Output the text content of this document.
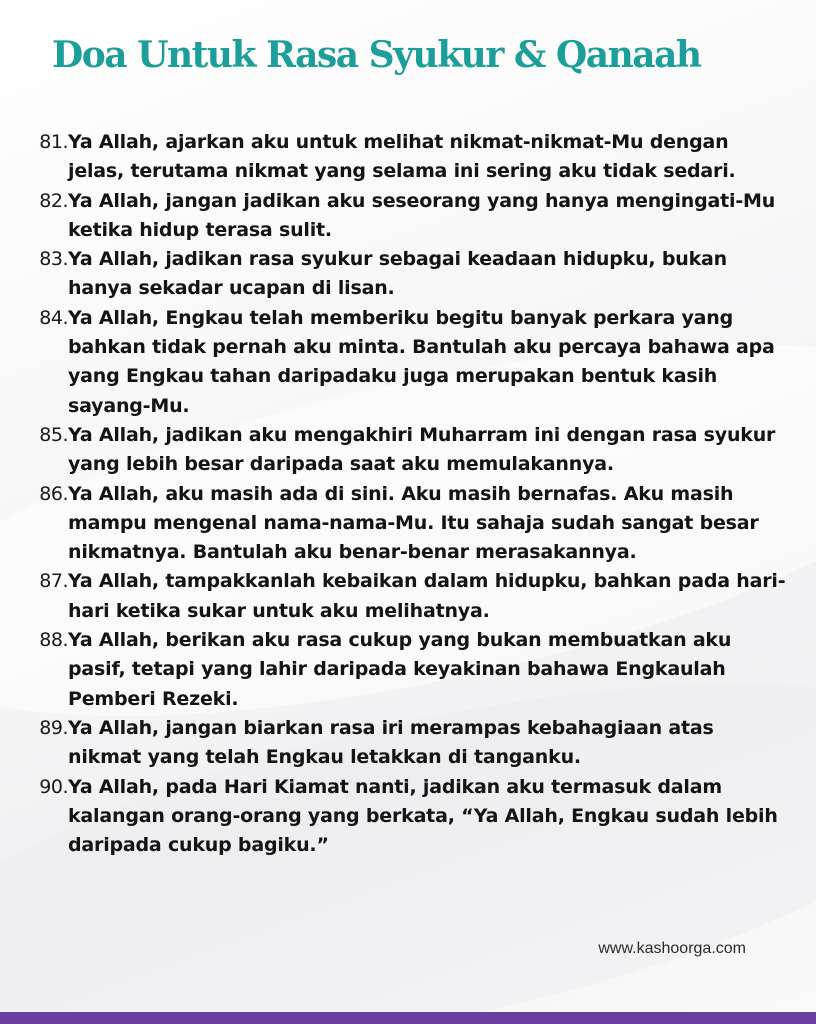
Doa Untuk Rasa Syukur & Qanaah
81. Ya Allah, ajarkan aku untuk melihat nikmat-nikmat-Mu dengan jelas, terutama nikmat yang selama ini sering aku tidak sedari.
82. Ya Allah, jangan jadikan aku seseorang yang hanya mengingati-Mu ketika hidup terasa sulit.
83. Ya Allah, jadikan rasa syukur sebagai keadaan hidupku, bukan hanya sekadar ucapan di lisan.
84. Ya Allah, Engkau telah memberiku begitu banyak perkara yang bahkan tidak pernah aku minta. Bantulah aku percaya bahawa apa yang Engkau tahan daripadaku juga merupakan bentuk kasih sayang-Mu.
85. Ya Allah, jadikan aku mengakhiri Muharram ini dengan rasa syukur yang lebih besar daripada saat aku memulakannya.
86. Ya Allah, aku masih ada di sini. Aku masih bernafas. Aku masih mampu mengenal nama-nama-Mu. Itu sahaja sudah sangat besar nikmatnya. Bantulah aku benar-benar merasakannya.
87. Ya Allah, tampakkanlah kebaikan dalam hidupku, bahkan pada hari-hari ketika sukar untuk aku melihatnya.
88. Ya Allah, berikan aku rasa cukup yang bukan membuatkan aku pasif, tetapi yang lahir daripada keyakinan bahawa Engkaulah Pemberi Rezeki.
89. Ya Allah, jangan biarkan rasa iri merampas kebahagiaan atas nikmat yang telah Engkau letakkan di tanganku.
90. Ya Allah, pada Hari Kiamat nanti, jadikan aku termasuk dalam kalangan orang-orang yang berkata, “Ya Allah, Engkau sudah lebih daripada cukup bagiku.”
www.kashoorga.com
